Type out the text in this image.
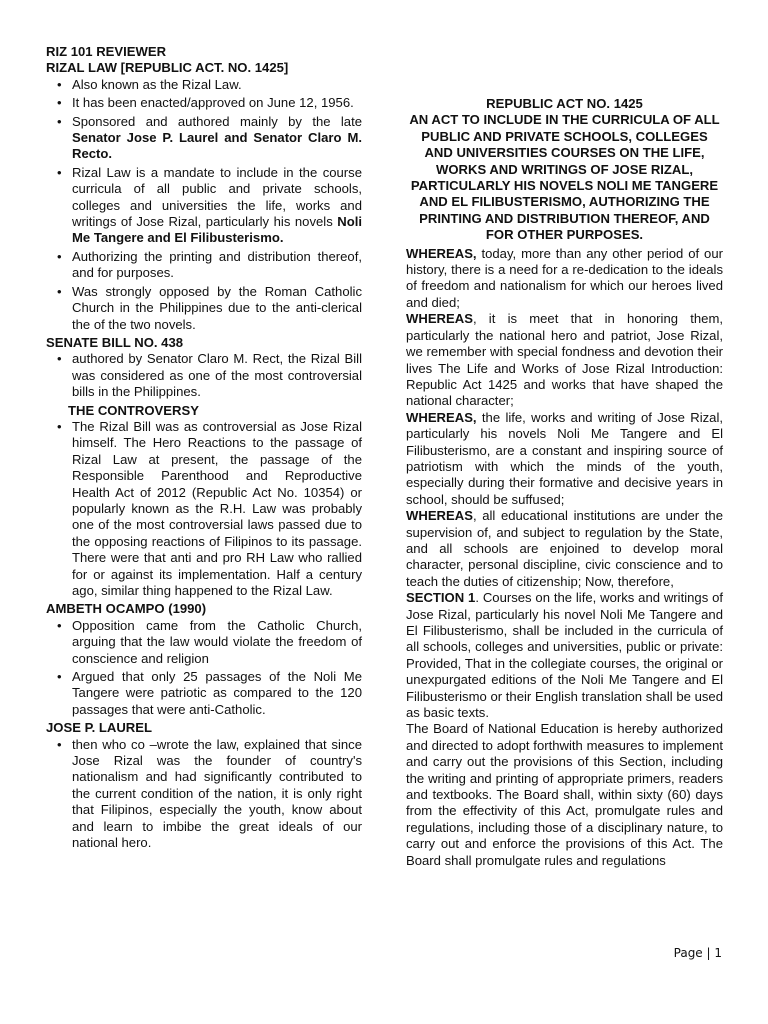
RIZ 101 REVIEWER

RIZAL LAW [REPUBLIC ACT. NO. 1425]

• Also known as the Rizal Law.
• It has been enacted/approved on June 12, 1956.
• Sponsored and authored mainly by the late Senator Jose P. Laurel and Senator Claro M. Recto.
• Rizal Law is a mandate to include in the course curricula of all public and private schools, colleges and universities the life, works and writings of Jose Rizal, particularly his novels Noli Me Tangere and El Filibusterismo.
• Authorizing the printing and distribution thereof, and for purposes.
• Was strongly opposed by the Roman Catholic Church in the Philippines due to the anti-clerical the of the two novels.

SENATE BILL NO. 438

• authored by Senator Claro M. Rect, the Rizal Bill was considered as one of the most controversial bills in the Philippines.

THE CONTROVERSY

• The Rizal Bill was as controversial as Jose Rizal himself. The Hero Reactions to the passage of Rizal Law at present, the passage of the Responsible Parenthood and Reproductive Health Act of 2012 (Republic Act No. 10354) or popularly known as the R.H. Law was probably one of the most controversial laws passed due to the opposing reactions of Filipinos to its passage. There were that anti and pro RH Law who rallied for or against its implementation. Half a century ago, similar thing happened to the Rizal Law.

AMBETH OCAMPO (1990)

• Opposition came from the Catholic Church, arguing that the law would violate the freedom of conscience and religion
• Argued that only 25 passages of the Noli Me Tangere were patriotic as compared to the 120 passages that were anti-Catholic.

JOSE P. LAUREL

• then who co –wrote the law, explained that since Jose Rizal was the founder of country's nationalism and had significantly contributed to the current condition of the nation, it is only right that Filipinos, especially the youth, know about and learn to imbibe the great ideals of our national hero.
REPUBLIC ACT NO. 1425
AN ACT TO INCLUDE IN THE CURRICULA OF ALL PUBLIC AND PRIVATE SCHOOLS, COLLEGES AND UNIVERSITIES COURSES ON THE LIFE, WORKS AND WRITINGS OF JOSE RIZAL, PARTICULARLY HIS NOVELS NOLI ME TANGERE AND EL FILIBUSTERISMO, AUTHORIZING THE PRINTING AND DISTRIBUTION THEREOF, AND FOR OTHER PURPOSES.

WHEREAS, today, more than any other period of our history, there is a need for a re-dedication to the ideals of freedom and nationalism for which our heroes lived and died;

WHEREAS, it is meet that in honoring them, particularly the national hero and patriot, Jose Rizal, we remember with special fondness and devotion their lives The Life and Works of Jose Rizal Introduction: Republic Act 1425 and works that have shaped the national character;

WHEREAS, the life, works and writing of Jose Rizal, particularly his novels Noli Me Tangere and El Filibusterismo, are a constant and inspiring source of patriotism with which the minds of the youth, especially during their formative and decisive years in school, should be suffused;

WHEREAS, all educational institutions are under the supervision of, and subject to regulation by the State, and all schools are enjoined to develop moral character, personal discipline, civic conscience and to teach the duties of citizenship; Now, therefore,

SECTION 1. Courses on the life, works and writings of Jose Rizal, particularly his novel Noli Me Tangere and El Filibusterismo, shall be included in the curricula of all schools, colleges and universities, public or private: Provided, That in the collegiate courses, the original or unexpurgated editions of the Noli Me Tangere and El Filibusterismo or their English translation shall be used as basic texts.

The Board of National Education is hereby authorized and directed to adopt forthwith measures to implement and carry out the provisions of this Section, including the writing and printing of appropriate primers, readers and textbooks. The Board shall, within sixty (60) days from the effectivity of this Act, promulgate rules and regulations, including those of a disciplinary nature, to carry out and enforce the provisions of this Act. The Board shall promulgate rules and regulations

Page | 1
